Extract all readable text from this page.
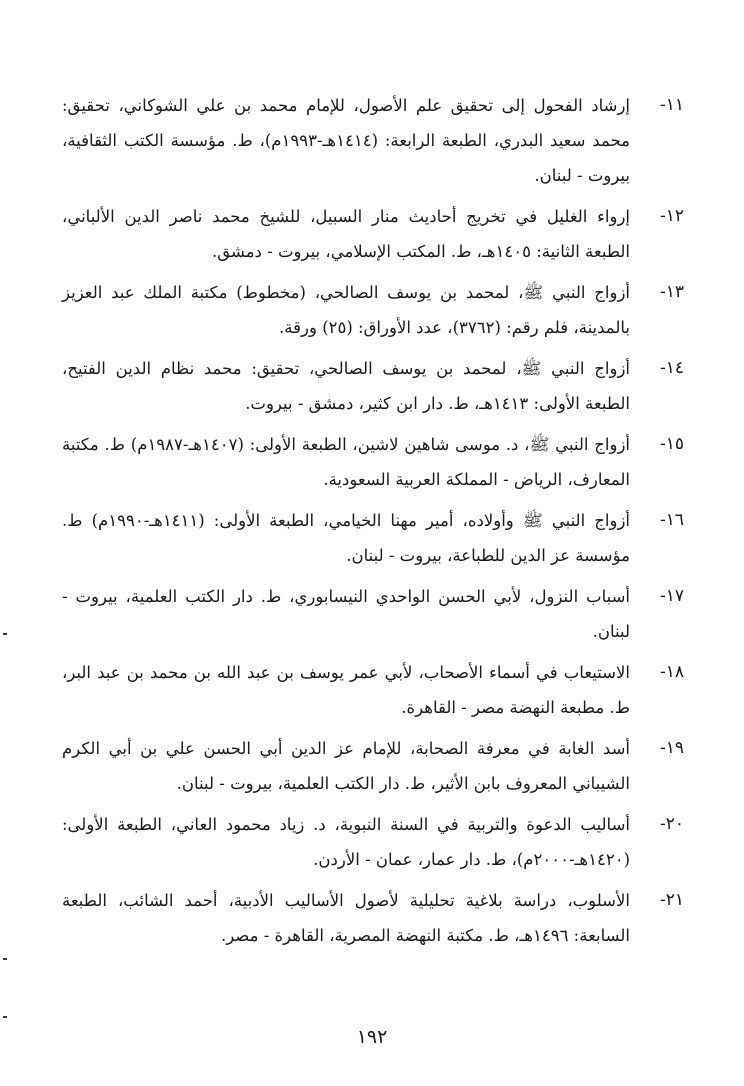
١١-
إرشاد الفحول إلى تحقيق علم الأصول، للإمام محمد بن علي الشوكاني، تحقيق: محمد سعيد البدري، الطبعة الرابعة: (١٤١٤هـ-١٩٩٣م)، ط. مؤسسة الكتب الثقافية، بيروت - لبنان.
١٢-
إرواء الغليل في تخريج أحاديث منار السبيل، للشيخ محمد ناصر الدين الألباني، الطبعة الثانية: ١٤٠٥هـ، ط. المكتب الإسلامي، بيروت - دمشق.
١٣-
أزواج النبي ﷺ، لمحمد بن يوسف الصالحي، (مخطوط) مكتبة الملك عبد العزيز بالمدينة، فلم رقم: (٣٧٦٢)، عدد الأوراق: (٢٥) ورقة.
١٤-
أزواج النبي ﷺ، لمحمد بن يوسف الصالحي، تحقيق: محمد نظام الدين الفتيح، الطبعة الأولى: ١٤١٣هـ، ط. دار ابن كثير، دمشق - بيروت.
١٥-
أزواج النبي ﷺ، د. موسى شاهين لاشين، الطبعة الأولى: (١٤٠٧هـ-١٩٨٧م) ط. مكتبة المعارف، الرياض - المملكة العربية السعودية.
١٦-
أزواج النبي ﷺ وأولاده، أمير مهنا الخيامي، الطبعة الأولى: (١٤١١هـ-١٩٩٠م) ط. مؤسسة عز الدين للطباعة، بيروت - لبنان.
١٧-
أسباب النزول، لأبي الحسن الواحدي النيسابوري، ط. دار الكتب العلمية، بيروت - لبنان.
١٨-
الاستيعاب في أسماء الأصحاب، لأبي عمر يوسف بن عبد الله بن محمد بن عبد البر، ط. مطبعة النهضة مصر - القاهرة.
١٩-
أسد الغابة في معرفة الصحابة، للإمام عز الدين أبي الحسن علي بن أبي الكرم الشيباني المعروف بابن الأثير، ط. دار الكتب العلمية، بيروت - لبنان.
٢٠-
أساليب الدعوة والتربية في السنة النبوية، د. زياد محمود العاني، الطبعة الأولى: (١٤٢٠هـ-٢٠٠٠م)، ط. دار عمار، عمان - الأردن.
٢١-
الأسلوب، دراسة بلاغية تحليلية لأصول الأساليب الأدبية، أحمد الشائب، الطبعة السابعة: ١٤٩٦هـ، ط. مكتبة النهضة المصرية، القاهرة - مصر.
١٩٢
